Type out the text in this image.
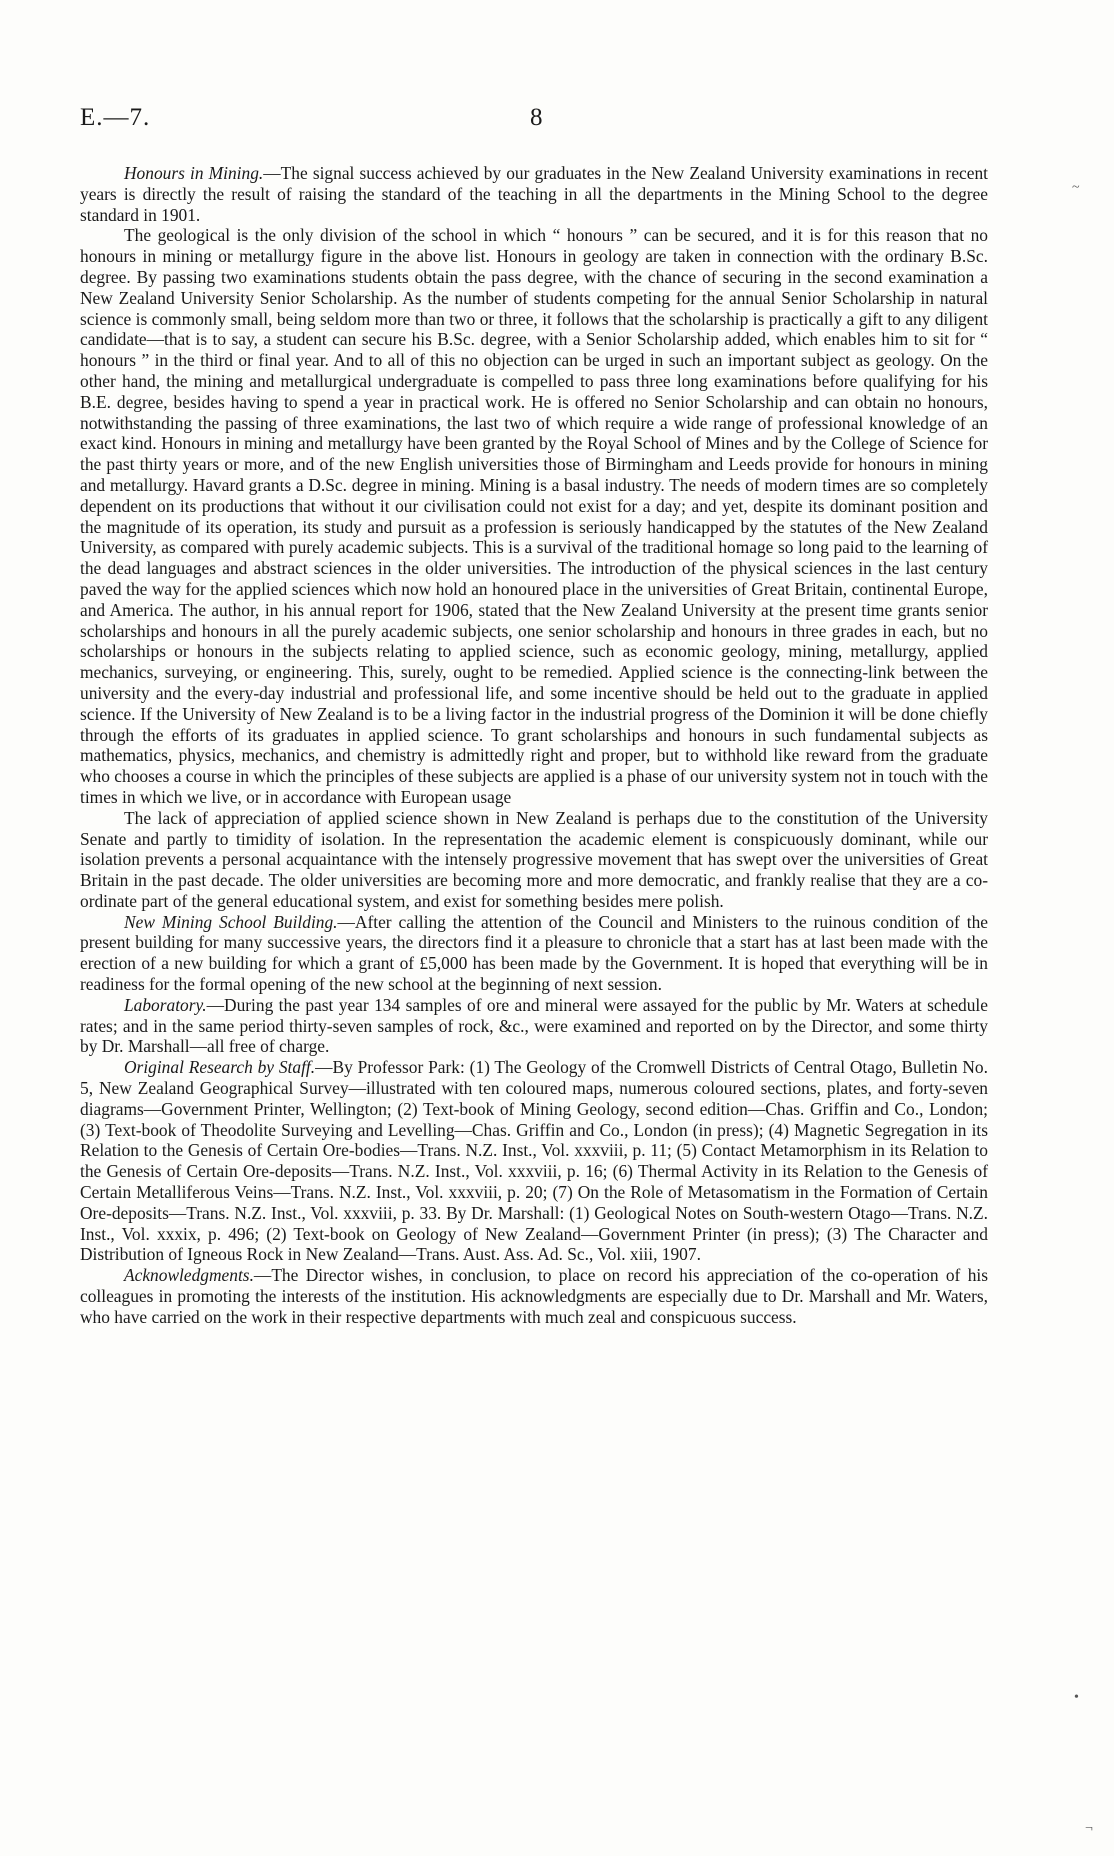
E.—7.	8

Honours in Mining.—The signal success achieved by our graduates in the New Zealand University examinations in recent years is directly the result of raising the standard of the teaching in all the departments in the Mining School to the degree standard in 1901.

The geological is the only division of the school in which “ honours ” can be secured, and it is for this reason that no honours in mining or metallurgy figure in the above list. Honours in geology are taken in connection with the ordinary B.Sc. degree. By passing two examinations students obtain the pass degree, with the chance of securing in the second examination a New Zealand University Senior Scholarship. As the number of students competing for the annual Senior Scholarship in natural science is commonly small, being seldom more than two or three, it follows that the scholarship is practically a gift to any diligent candidate—that is to say, a student can secure his B.Sc. degree, with a Senior Scholarship added, which enables him to sit for “ honours ” in the third or final year. And to all of this no objection can be urged in such an important subject as geology. On the other hand, the mining and metallurgical undergraduate is compelled to pass three long examinations before qualifying for his B.E. degree, besides having to spend a year in practical work. He is offered no Senior Scholarship and can obtain no honours, notwithstanding the passing of three examinations, the last two of which require a wide range of professional knowledge of an exact kind. Honours in mining and metallurgy have been granted by the Royal School of Mines and by the College of Science for the past thirty years or more, and of the new English universities those of Birmingham and Leeds provide for honours in mining and metallurgy. Havard grants a D.Sc. degree in mining. Mining is a basal industry. The needs of modern times are so completely dependent on its productions that without it our civilisation could not exist for a day; and yet, despite its dominant position and the magnitude of its operation, its study and pursuit as a profession is seriously handicapped by the statutes of the New Zealand University, as compared with purely academic subjects. This is a survival of the traditional homage so long paid to the learning of the dead languages and abstract sciences in the older universities. The introduction of the physical sciences in the last century paved the way for the applied sciences which now hold an honoured place in the universities of Great Britain, continental Europe, and America. The author, in his annual report for 1906, stated that the New Zealand University at the present time grants senior scholarships and honours in all the purely academic subjects, one senior scholarship and honours in three grades in each, but no scholarships or honours in the subjects relating to applied science, such as economic geology, mining, metallurgy, applied mechanics, surveying, or engineering. This, surely, ought to be remedied. Applied science is the connecting-link between the university and the every-day industrial and professional life, and some incentive should be held out to the graduate in applied science. If the University of New Zealand is to be a living factor in the industrial progress of the Dominion it will be done chiefly through the efforts of its graduates in applied science. To grant scholarships and honours in such fundamental subjects as mathematics, physics, mechanics, and chemistry is admittedly right and proper, but to withhold like reward from the graduate who chooses a course in which the principles of these subjects are applied is a phase of our university system not in touch with the times in which we live, or in accordance with European usage

The lack of appreciation of applied science shown in New Zealand is perhaps due to the constitution of the University Senate and partly to timidity of isolation. In the representation the academic element is conspicuously dominant, while our isolation prevents a personal acquaintance with the intensely progressive movement that has swept over the universities of Great Britain in the past decade. The older universities are becoming more and more democratic, and frankly realise that they are a co-ordinate part of the general educational system, and exist for something besides mere polish.

New Mining School Building.—After calling the attention of the Council and Ministers to the ruinous condition of the present building for many successive years, the directors find it a pleasure to chronicle that a start has at last been made with the erection of a new building for which a grant of £5,000 has been made by the Government. It is hoped that everything will be in readiness for the formal opening of the new school at the beginning of next session.

Laboratory.—During the past year 134 samples of ore and mineral were assayed for the public by Mr. Waters at schedule rates; and in the same period thirty-seven samples of rock, &c., were examined and reported on by the Director, and some thirty by Dr. Marshall—all free of charge.

Original Research by Staff.—By Professor Park: (1) The Geology of the Cromwell Districts of Central Otago, Bulletin No. 5, New Zealand Geographical Survey—illustrated with ten coloured maps, numerous coloured sections, plates, and forty-seven diagrams—Government Printer, Wellington; (2) Text-book of Mining Geology, second edition—Chas. Griffin and Co., London; (3) Text-book of Theodolite Surveying and Levelling—Chas. Griffin and Co., London (in press); (4) Magnetic Segregation in its Relation to the Genesis of Certain Ore-bodies—Trans. N.Z. Inst., Vol. xxxviii, p. 11; (5) Contact Metamorphism in its Relation to the Genesis of Certain Ore-deposits—Trans. N.Z. Inst., Vol. xxxviii, p. 16; (6) Thermal Activity in its Relation to the Genesis of Certain Metalliferous Veins—Trans. N.Z. Inst., Vol. xxxviii, p. 20; (7) On the Role of Metasomatism in the Formation of Certain Ore-deposits—Trans. N.Z. Inst., Vol. xxxviii, p. 33. By Dr. Marshall: (1) Geological Notes on South-western Otago—Trans. N.Z. Inst., Vol. xxxix, p. 496; (2) Text-book on Geology of New Zealand—Government Printer (in press); (3) The Character and Distribution of Igneous Rock in New Zealand—Trans. Aust. Ass. Ad. Sc., Vol. xiii, 1907.

Acknowledgments.—The Director wishes, in conclusion, to place on record his appreciation of the co-operation of his colleagues in promoting the interests of the institution. His acknowledgments are especially due to Dr. Marshall and Mr. Waters, who have carried on the work in their respective departments with much zeal and conspicuous success.

~
•
¬
